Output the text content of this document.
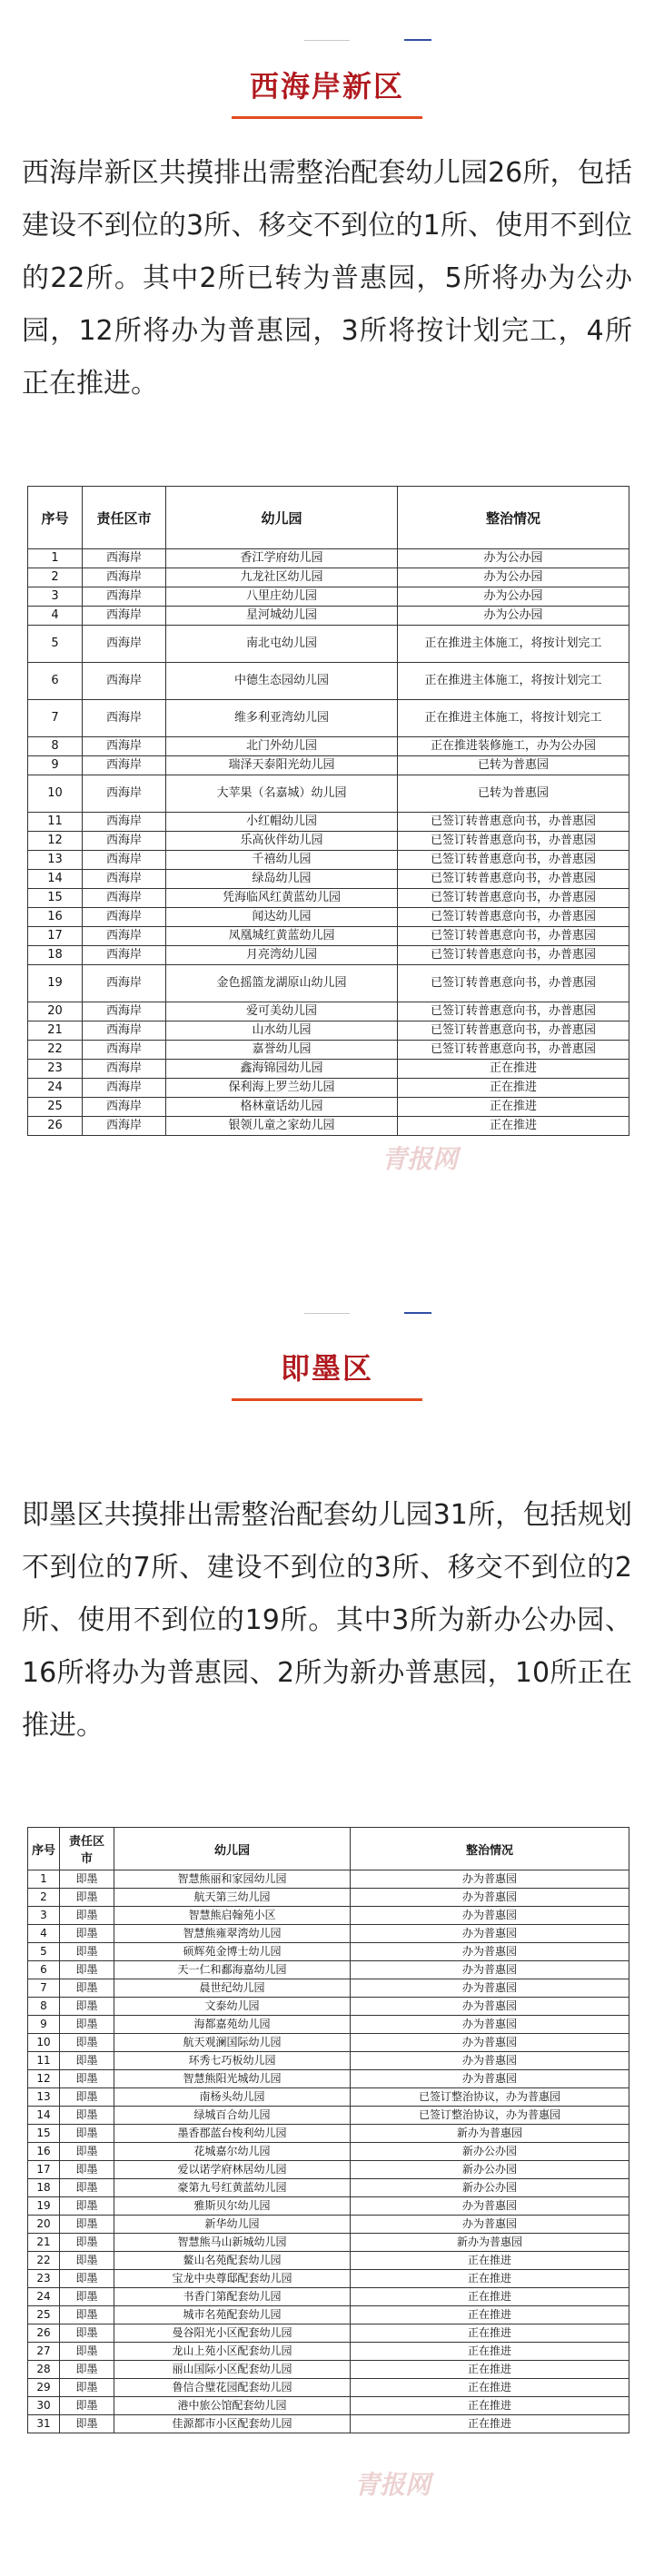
西海岸新区
西海岸新区共摸排出需整治配套幼儿园26所，包括建设不到位的3所、移交不到位的1所、使用不到位的22所。其中2所已转为普惠园，5所将办为公办园，12所将办为普惠园，3所将按计划完工，4所正在推进。
序号	责任区市	幼儿园	整治情况
1	西海岸	香江学府幼儿园	办为公办园
2	西海岸	九龙社区幼儿园	办为公办园
3	西海岸	八里庄幼儿园	办为公办园
4	西海岸	星河城幼儿园	办为公办园
5	西海岸	南北屯幼儿园	正在推进主体施工，将按计划完工
6	西海岸	中德生态园幼儿园	正在推进主体施工，将按计划完工
7	西海岸	维多利亚湾幼儿园	正在推进主体施工，将按计划完工
8	西海岸	北门外幼儿园	正在推进装修施工，办为公办园
9	西海岸	瑞泽天泰阳光幼儿园	已转为普惠园
10	西海岸	大苹果（名嘉城）幼儿园	已转为普惠园
11	西海岸	小红帽幼儿园	已签订转普惠意向书，办普惠园
12	西海岸	乐高伙伴幼儿园	已签订转普惠意向书，办普惠园
13	西海岸	千禧幼儿园	已签订转普惠意向书，办普惠园
14	西海岸	绿岛幼儿园	已签订转普惠意向书，办普惠园
15	西海岸	凭海临风红黄蓝幼儿园	已签订转普惠意向书，办普惠园
16	西海岸	闻达幼儿园	已签订转普惠意向书，办普惠园
17	西海岸	凤凰城红黄蓝幼儿园	已签订转普惠意向书，办普惠园
18	西海岸	月亮湾幼儿园	已签订转普惠意向书，办普惠园
19	西海岸	金色摇篮龙湖原山幼儿园	已签订转普惠意向书，办普惠园
20	西海岸	爱可美幼儿园	已签订转普惠意向书，办普惠园
21	西海岸	山水幼儿园	已签订转普惠意向书，办普惠园
22	西海岸	嘉誉幼儿园	已签订转普惠意向书，办普惠园
23	西海岸	鑫海锦园幼儿园	正在推进
24	西海岸	保利海上罗兰幼儿园	正在推进
25	西海岸	格林童话幼儿园	正在推进
26	西海岸	银领儿童之家幼儿园	正在推进
青报网
即墨区
即墨区共摸排出需整治配套幼儿园31所，包括规划不到位的7所、建设不到位的3所、移交不到位的2所、使用不到位的19所。其中3所为新办公办园、16所将办为普惠园、2所为新办普惠园，10所正在推进。
序号	责任区市	幼儿园	整治情况
1	即墨	智慧熊丽和家园幼儿园	办为普惠园
2	即墨	航天第三幼儿园	办为普惠园
3	即墨	智慧熊启翰苑小区	办为普惠园
4	即墨	智慧熊雍翠湾幼儿园	办为普惠园
5	即墨	硕辉苑金博士幼儿园	办为普惠园
6	即墨	天一仁和鄱海嘉幼儿园	办为普惠园
7	即墨	晨世纪幼儿园	办为普惠园
8	即墨	文泰幼儿园	办为普惠园
9	即墨	海都嘉苑幼儿园	办为普惠园
10	即墨	航天观澜国际幼儿园	办为普惠园
11	即墨	环秀七巧板幼儿园	办为普惠园
12	即墨	智慧熊阳光城幼儿园	办为普惠园
13	即墨	南杨头幼儿园	已签订整治协议，办为普惠园
14	即墨	绿城百合幼儿园	已签订整治协议，办为普惠园
15	即墨	墨香郡蓝台梭利幼儿园	新办为普惠园
16	即墨	花城嘉尔幼儿园	新办公办园
17	即墨	爱以诺学府林居幼儿园	新办公办园
18	即墨	豪第九号红黄蓝幼儿园	新办公办园
19	即墨	雅斯贝尔幼儿园	办为普惠园
20	即墨	新华幼儿园	办为普惠园
21	即墨	智慧熊马山新城幼儿园	新办为普惠园
22	即墨	鳌山名苑配套幼儿园	正在推进
23	即墨	宝龙中央尊邸配套幼儿园	正在推进
24	即墨	书香门第配套幼儿园	正在推进
25	即墨	城市名苑配套幼儿园	正在推进
26	即墨	曼谷阳光小区配套幼儿园	正在推进
27	即墨	龙山上苑小区配套幼儿园	正在推进
28	即墨	丽山国际小区配套幼儿园	正在推进
29	即墨	鲁信合璧花园配套幼儿园	正在推进
30	即墨	港中旅公馆配套幼儿园	正在推进
31	即墨	佳源都市小区配套幼儿园	正在推进
青报网
